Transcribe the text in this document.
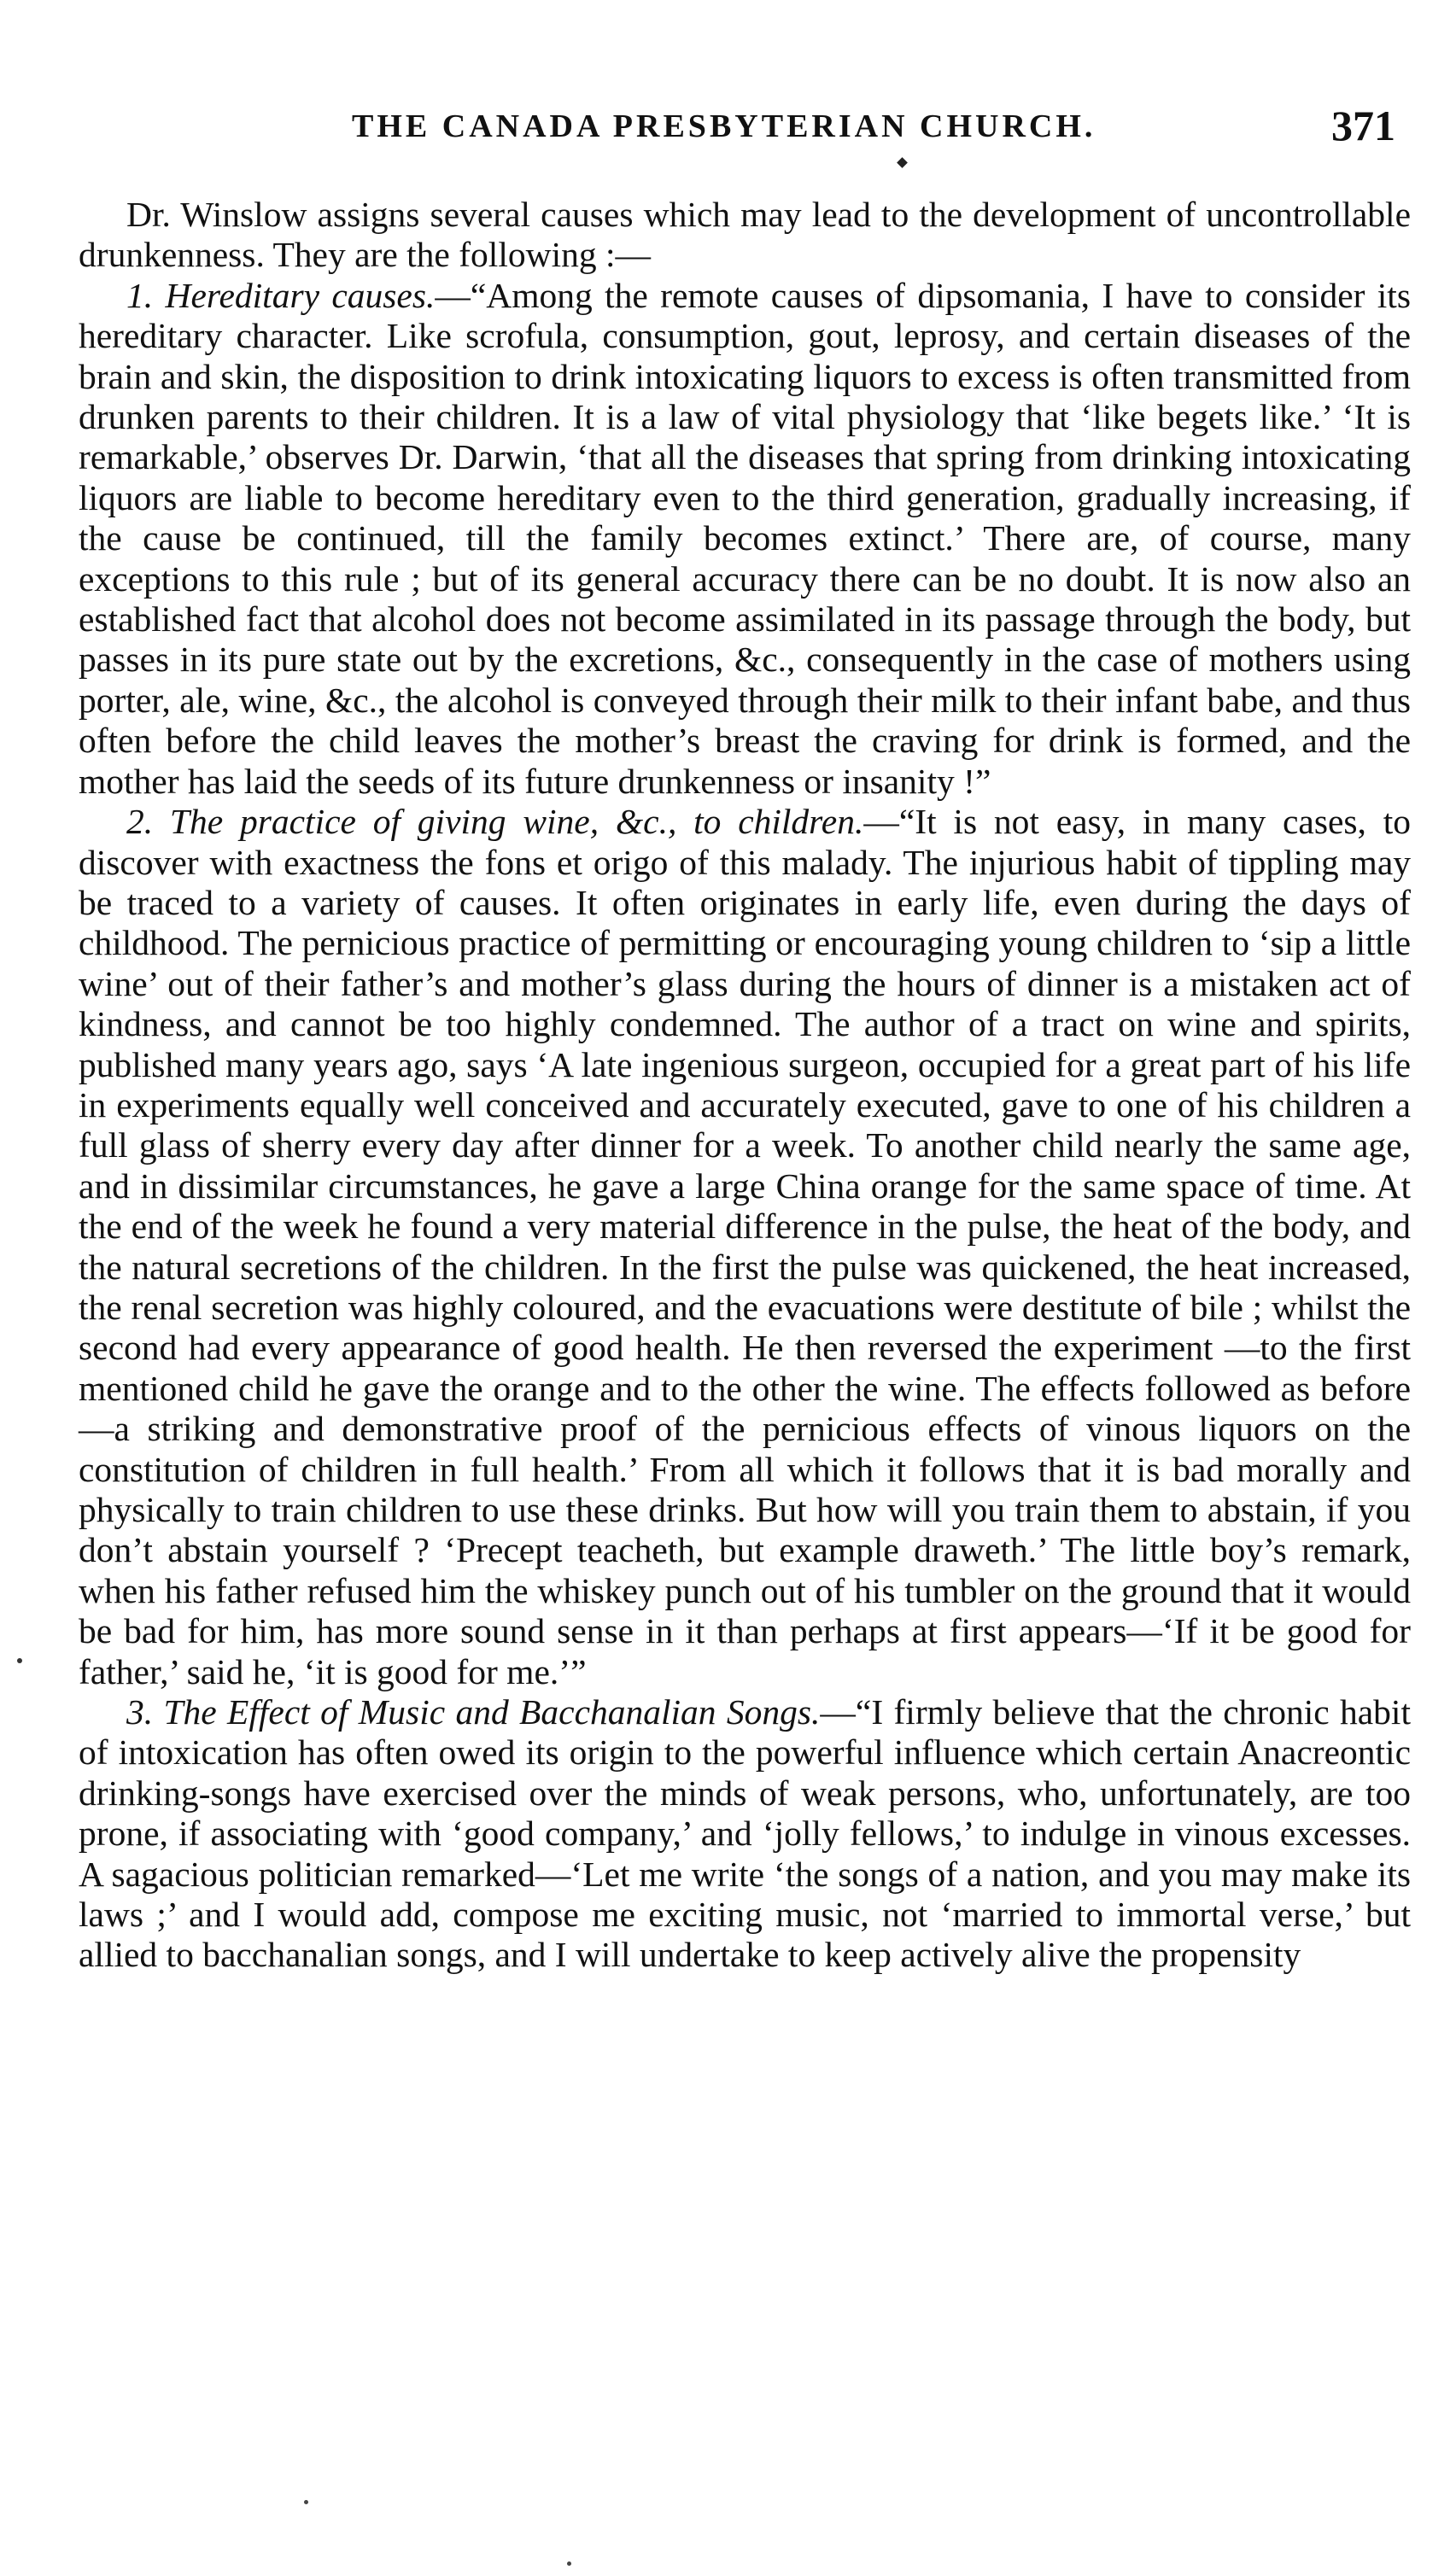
THE CANADA PRESBYTERIAN CHURCH.	371

Dr. Winslow assigns several causes which may lead to the development of uncontrollable drunkenness. They are the following :—

1. Hereditary causes.—“Among the remote causes of dipsomania, I have to consider its hereditary character. Like scrofula, consumption, gout, leprosy, and certain diseases of the brain and skin, the disposition to drink intoxicating liquors to excess is often transmitted from drunken parents to their children. It is a law of vital physiology that ‘like begets like.’ ‘It is remarkable,’ observes Dr. Darwin, ‘that all the diseases that spring from drinking intoxicating liquors are liable to become hereditary even to the third generation, gradually increasing, if the cause be continued, till the family becomes extinct.’ There are, of course, many exceptions to this rule ; but of its general accuracy there can be no doubt. It is now also an established fact that alcohol does not become assimilated in its passage through the body, but passes in its pure state out by the excretions, &c., consequently in the case of mothers using porter, ale, wine, &c., the alcohol is conveyed through their milk to their infant babe, and thus often before the child leaves the mother’s breast the craving for drink is formed, and the mother has laid the seeds of its future drunkenness or insanity !”

2. The practice of giving wine, &c., to children.—“It is not easy, in many cases, to discover with exactness the fons et origo of this malady. The injurious habit of tippling may be traced to a variety of causes. It often originates in early life, even during the days of childhood. The pernicious practice of permitting or encouraging young children to ‘sip a little wine’ out of their father’s and mother’s glass during the hours of dinner is a mistaken act of kindness, and cannot be too highly condemned. The author of a tract on wine and spirits, published many years ago, says ‘A late ingenious surgeon, occupied for a great part of his life in experiments equally well conceived and accurately executed, gave to one of his children a full glass of sherry every day after dinner for a week. To another child nearly the same age, and in dissimilar circumstances, he gave a large China orange for the same space of time. At the end of the week he found a very material difference in the pulse, the heat of the body, and the natural secretions of the children. In the first the pulse was quickened, the heat increased, the renal secretion was highly coloured, and the evacuations were destitute of bile ; whilst the second had every appearance of good health. He then reversed the experiment —to the first mentioned child he gave the orange and to the other the wine. The effects followed as before—a striking and demonstrative proof of the pernicious effects of vinous liquors on the constitution of children in full health.’ From all which it follows that it is bad morally and physically to train children to use these drinks. But how will you train them to abstain, if you don’t abstain yourself ? ‘Precept teacheth, but example draweth.’ The little boy’s remark, when his father refused him the whiskey punch out of his tumbler on the ground that it would be bad for him, has more sound sense in it than perhaps at first appears—‘If it be good for father,’ said he, ‘it is good for me.’”

3. The Effect of Music and Bacchanalian Songs.—“I firmly believe that the chronic habit of intoxication has often owed its origin to the powerful influence which certain Anacreontic drinking-songs have exercised over the minds of weak persons, who, unfortunately, are too prone, if associating with ‘good company,’ and ‘jolly fellows,’ to indulge in vinous excesses. A sagacious politician remarked—‘Let me write ‘the songs of a nation, and you may make its laws ;’ and I would add, compose me exciting music, not ‘married to immortal verse,’ but allied to bacchanalian songs, and I will undertake to keep actively alive the propensity
